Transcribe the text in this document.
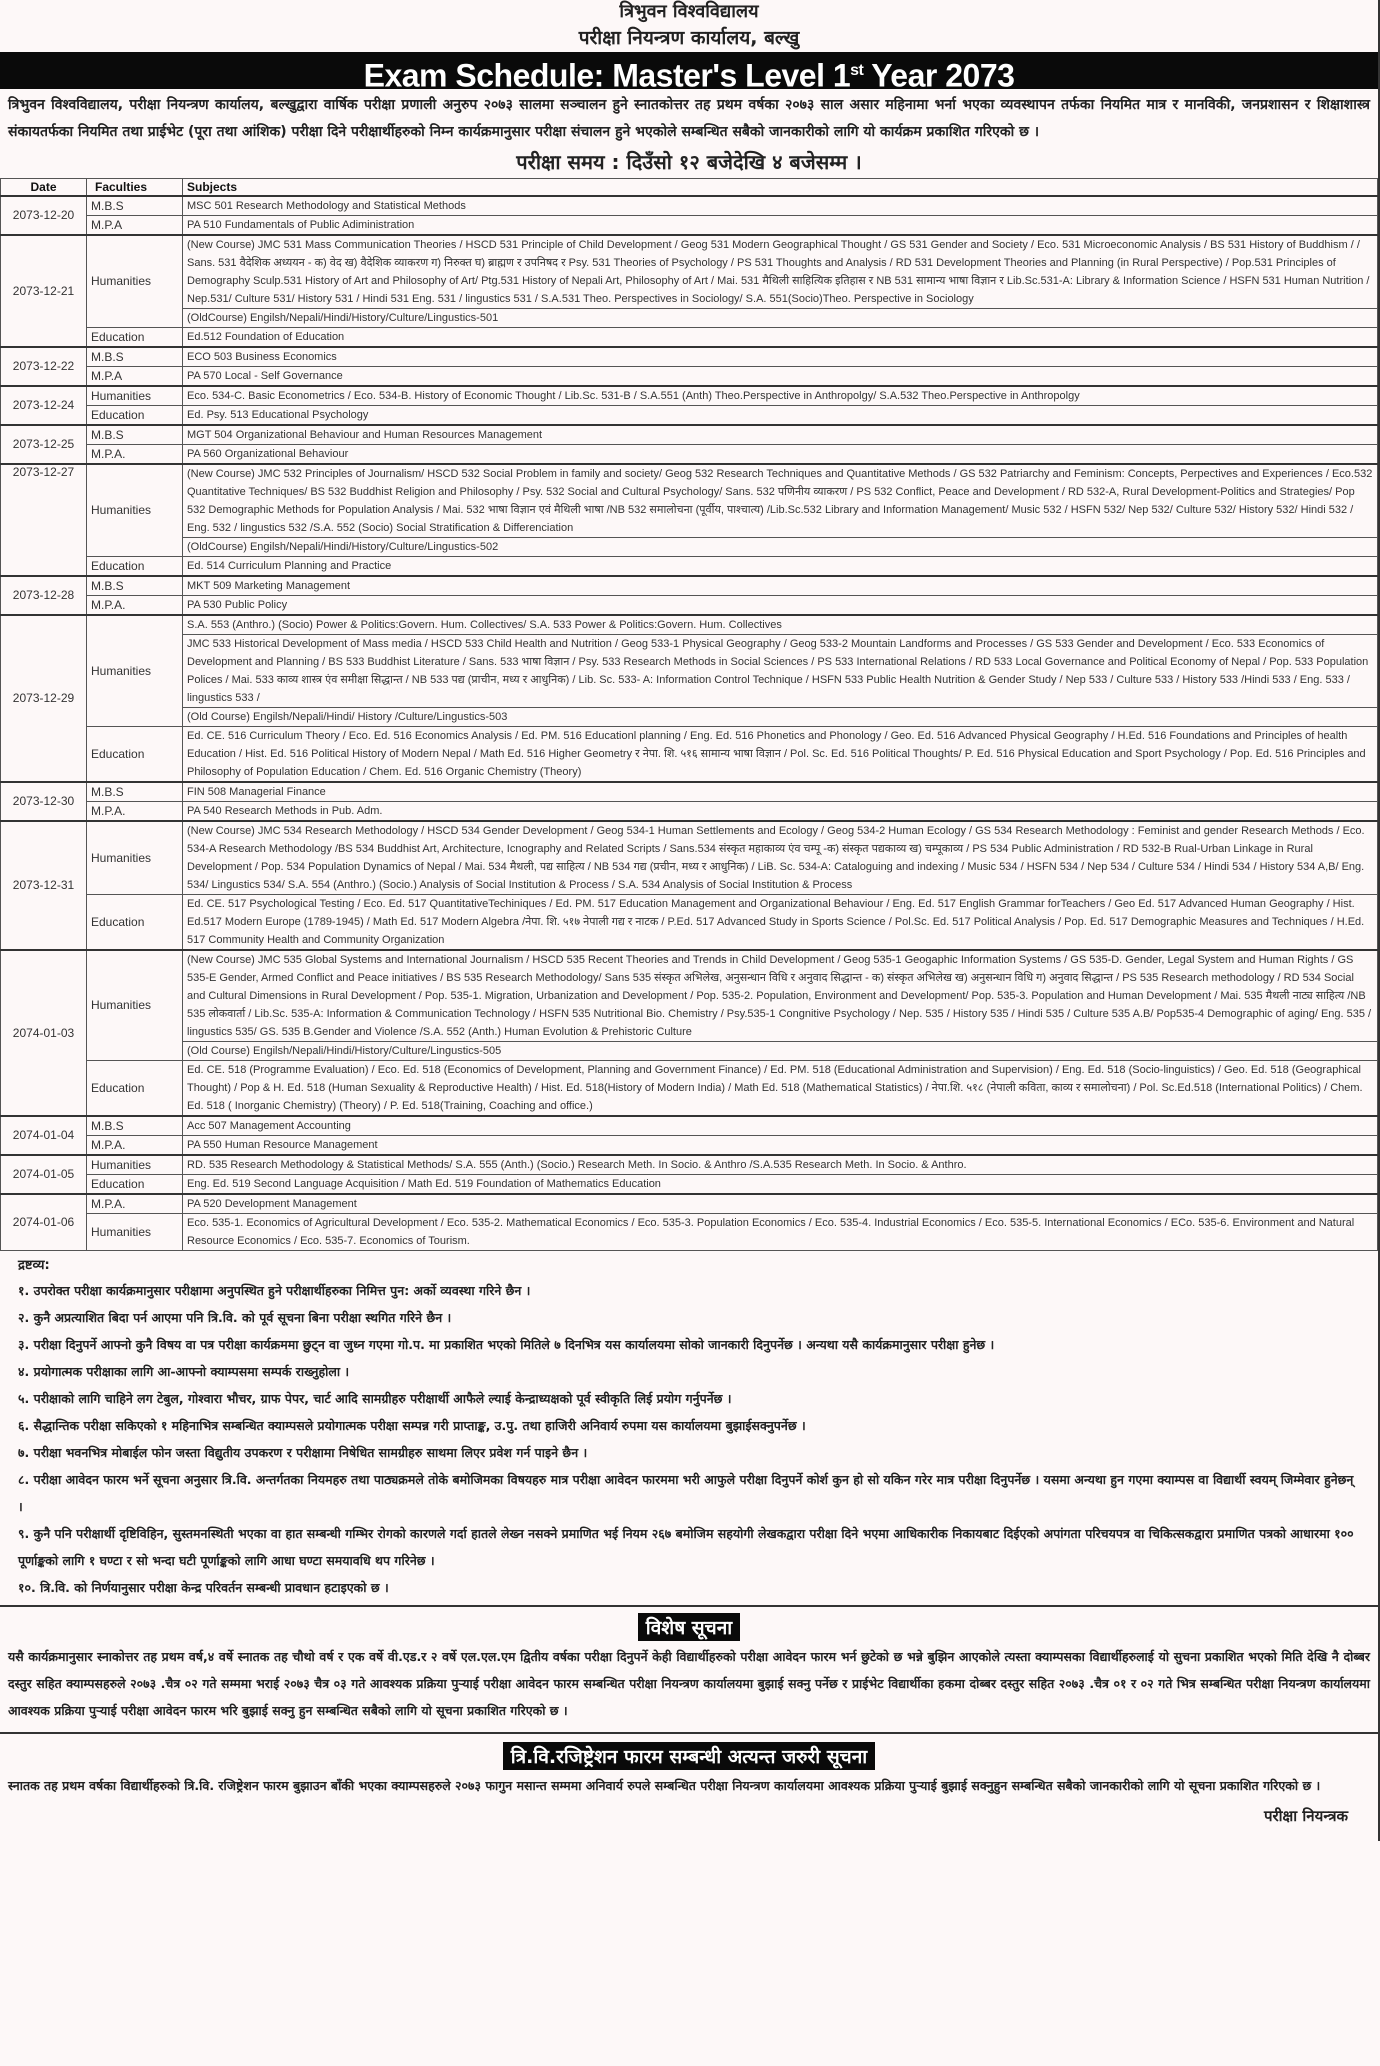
त्रिभुवन विश्वविद्यालय
परीक्षा नियन्त्रण कार्यालय, बल्खु
Exam Schedule: Master's Level 1st Year 2073
त्रिभुवन विश्वविद्यालय, परीक्षा नियन्त्रण कार्यालय, बल्खुद्वारा वार्षिक परीक्षा प्रणाली अनुरुप २०७३ सालमा सञ्चालन हुने स्नातकोत्तर तह प्रथम वर्षका २०७३ साल असार महिनामा भर्ना भएका व्यवस्थापन तर्फका नियमित मात्र र मानविकी, जनप्रशासन र शिक्षाशास्त्र संकायतर्फका नियमित तथा प्राईभेट (पूरा तथा आंशिक) परीक्षा दिने परीक्षार्थीहरुको निम्न कार्यक्रमानुसार परीक्षा संचालन हुने भएकोले सम्बन्धित सबैको जानकारीको लागि यो कार्यक्रम प्रकाशित गरिएको छ ।
परीक्षा समय : दिउँसो १२ बजेदेखि ४ बजेसम्म ।
Date	Faculties	Subjects
2073-12-20	M.B.S	MSC 501 Research Methodology and Statistical Methods
	M.P.A	PA 510 Fundamentals of Public Adiministration
2073-12-21	Humanities	(New Course) JMC 531 Mass Communication Theories / HSCD 531 Principle of Child Development / Geog 531 Modern Geographical Thought / GS 531 Gender and Society / Eco. 531 Microeconomic Analysis / BS 531 History of Buddhism / / Sans. 531 वैदेशिक अध्ययन - क) वेद ख) वैदेशिक व्याकरण ग) निरुक्त घ) ब्राह्मण र उपनिषद र Psy. 531 Theories of Psychology / PS 531 Thoughts and Analysis / RD 531 Development Theories and Planning (in Rural Perspective) / Pop.531 Principles of Demography Sculp.531 History of Art and Philosophy of Art/ Ptg.531 History of Nepali Art, Philosophy of Art / Mai. 531 मैथिली साहित्यिक इतिहास र NB 531 सामान्य भाषा विज्ञान र Lib.Sc.531-A: Library & Information Science / HSFN 531 Human Nutrition / Nep.531/ Culture 531/ History 531 / Hindi 531 Eng. 531 / lingustics 531 / S.A.531 Theo. Perspectives in Sociology/ S.A. 551(Socio)Theo. Perspective in Sociology
		(OldCourse) Engilsh/Nepali/Hindi/History/Culture/Lingustics-501
	Education	Ed.512 Foundation of Education
2073-12-22	M.B.S	ECO 503 Business Economics
	M.P.A	PA 570 Local - Self Governance
2073-12-24	Humanities	Eco. 534-C. Basic Econometrics / Eco. 534-B. History of Economic Thought / Lib.Sc. 531-B / S.A.551 (Anth) Theo.Perspective in Anthropolgy/ S.A.532 Theo.Perspective in Anthropolgy
	Education	Ed. Psy. 513 Educational Psychology
2073-12-25	M.B.S	MGT 504 Organizational Behaviour and Human Resources Management
	M.P.A.	PA 560 Organizational Behaviour
2073-12-27	Humanities	(New Course) JMC 532 Principles of Journalism/ HSCD 532 Social Problem in family and society/ Geog 532 Research Techniques and Quantitative Methods / GS 532 Patriarchy and Feminism: Concepts, Perpectives and Experiences / Eco.532 Quantitative Techniques/ BS 532 Buddhist Religion and Philosophy / Psy. 532 Social and Cultural Psychology/ Sans. 532 पणिनीय व्याकरण / PS 532 Conflict, Peace and Development / RD 532-A, Rural Development-Politics and Strategies/ Pop 532 Demographic Methods for Population Analysis / Mai. 532 भाषा विज्ञान एवं मैथिली भाषा /NB 532 समालोचना (पूर्वीय, पाश्चात्य) /Lib.Sc.532 Library and Information Management/ Music 532 / HSFN 532/ Nep 532/ Culture 532/ History 532/ Hindi 532 / Eng. 532 / lingustics 532 /S.A. 552 (Socio) Social Stratification & Differenciation
		(OldCourse) Engilsh/Nepali/Hindi/History/Culture/Lingustics-502
	Education	Ed. 514 Curriculum Planning and Practice
2073-12-28	M.B.S	MKT 509 Marketing Management
	M.P.A.	PA 530 Public Policy
2073-12-29	Humanities	S.A. 553 (Anthro.) (Socio) Power & Politics:Govern. Hum. Collectives/ S.A. 533 Power & Politics:Govern. Hum. Collectives
		JMC 533 Historical Development of Mass media / HSCD 533 Child Health and Nutrition / Geog 533-1 Physical Geography / Geog 533-2 Mountain Landforms and Processes / GS 533 Gender and Development / Eco. 533 Economics of Development and Planning / BS 533 Buddhist Literature / Sans. 533 भाषा विज्ञान / Psy. 533 Research Methods in Social Sciences / PS 533 International Relations / RD 533 Local Governance and Political Economy of Nepal / Pop. 533 Population Polices / Mai. 533 काव्य शास्त्र एंव समीक्षा सिद्धान्त / NB 533 पद्य (प्राचीन, मध्य र आधुनिक) / Lib. Sc. 533- A: Information Control Technique / HSFN 533 Public Health Nutrition & Gender Study / Nep 533 / Culture 533 / History 533 /Hindi 533 / Eng. 533 / lingustics 533 /
		(Old Course) Engilsh/Nepali/Hindi/ History /Culture/Lingustics-503
	Education	Ed. CE. 516 Curriculum Theory / Eco. Ed. 516 Economics Analysis / Ed. PM. 516 Educationl planning / Eng. Ed. 516 Phonetics and Phonology / Geo. Ed. 516 Advanced Physical Geography / H.Ed. 516 Foundations and Principles of health Education / Hist. Ed. 516 Political History of Modern Nepal / Math Ed. 516 Higher Geometry र नेपा. शि. ५१६ सामान्य भाषा विज्ञान / Pol. Sc. Ed. 516 Political Thoughts/ P. Ed. 516 Physical Education and Sport Psychology / Pop. Ed. 516 Principles and Philosophy of Population Education / Chem. Ed. 516 Organic Chemistry (Theory)
2073-12-30	M.B.S	FIN 508 Managerial Finance
	M.P.A.	PA 540 Research Methods in Pub. Adm.
2073-12-31	Humanities	(New Course) JMC 534 Research Methodology / HSCD 534 Gender Development / Geog 534-1 Human Settlements and Ecology / Geog 534-2 Human Ecology / GS 534 Research Methodology : Feminist and gender Research Methods / Eco. 534-A Research Methodology /BS 534 Buddhist Art, Architecture, Icnography and Related Scripts / Sans.534 संस्कृत महाकाव्य एंव चम्पू -क) संस्कृत पद्यकाव्य ख) चम्पूकाव्य / PS 534 Public Administration / RD 532-B Rual-Urban Linkage in Rural Development / Pop. 534 Population Dynamics of Nepal / Mai. 534 मैथली, पद्य साहित्य / NB 534 गद्य (प्रचीन, मध्य र आधुनिक) / LiB. Sc. 534-A: Cataloguing and indexing / Music 534 / HSFN 534 / Nep 534 / Culture 534 / Hindi 534 / History 534 A,B/ Eng. 534/ Lingustics 534/ S.A. 554 (Anthro.) (Socio.) Analysis of Social Institution & Process / S.A. 534 Analysis of Social Institution & Process
	Education	Ed. CE. 517 Psychological Testing / Eco. Ed. 517 QuantitativeTechiniques / Ed. PM. 517 Education Management and Organizational Behaviour / Eng. Ed. 517 English Grammar forTeachers / Geo Ed. 517 Advanced Human Geography / Hist. Ed.517 Modern Europe (1789-1945) / Math Ed. 517 Modern Algebra /नेपा. शि. ५१७ नेपाली गद्य र नाटक / P.Ed. 517 Advanced Study in Sports Science / Pol.Sc. Ed. 517 Political Analysis / Pop. Ed. 517 Demographic Measures and Techniques / H.Ed. 517 Community Health and Community Organization
2074-01-03	Humanities	(New Course) JMC 535 Global Systems and International Journalism / HSCD 535 Recent Theories and Trends in Child Development / Geog 535-1 Geogaphic Information Systems / GS 535-D. Gender, Legal System and Human Rights / GS 535-E Gender, Armed Conflict and Peace initiatives / BS 535 Research Methodology/ Sans 535 संस्कृत अभिलेख, अनुसन्धान विधि र अनुवाद सिद्धान्त - क) संस्कृत अभिलेख ख) अनुसन्धान विधि ग) अनुवाद सिद्धान्त / PS 535 Research methodology / RD 534 Social and Cultural Dimensions in Rural Development / Pop. 535-1. Migration, Urbanization and Development / Pop. 535-2. Population, Environment and Development/ Pop. 535-3. Population and Human Development / Mai. 535 मैथली नाट्य साहित्य /NB 535 लोकवार्ता / Lib.Sc. 535-A: Information & Communication Technology / HSFN 535 Nutritional Bio. Chemistry / Psy.535-1 Congnitive Psychology / Nep. 535 / History 535 / Hindi 535 / Culture 535 A.B/ Pop535-4 Demographic of aging/ Eng. 535 / lingustics 535/ GS. 535 B.Gender and Violence /S.A. 552 (Anth.) Human Evolution & Prehistoric Culture
		(Old Course) Engilsh/Nepali/Hindi/History/Culture/Lingustics-505
	Education	Ed. CE. 518 (Programme Evaluation) / Eco. Ed. 518 (Economics of Development, Planning and Government Finance) / Ed. PM. 518 (Educational Administration and Supervision) / Eng. Ed. 518 (Socio-linguistics) / Geo. Ed. 518 (Geographical Thought) / Pop & H. Ed. 518 (Human Sexuality & Reproductive Health) / Hist. Ed. 518(History of Modern India) / Math Ed. 518 (Mathematical Statistics) / नेपा.शि. ५१८ (नेपाली कविता, काव्य र समालोचना) / Pol. Sc.Ed.518 (International Politics) / Chem. Ed. 518 ( Inorganic Chemistry) (Theory) / P. Ed. 518(Training, Coaching and office.)
2074-01-04	M.B.S	Acc 507 Management Accounting
	M.P.A.	PA 550 Human Resource Management
2074-01-05	Humanities	RD. 535 Research Methodology & Statistical Methods/ S.A. 555 (Anth.) (Socio.) Research Meth. In Socio. & Anthro /S.A.535 Research Meth. In Socio. & Anthro.
	Education	Eng. Ed. 519 Second Language Acquisition / Math Ed. 519 Foundation of Mathematics Education
2074-01-06	M.P.A.	PA 520 Development Management
	Humanities	Eco. 535-1. Economics of Agricultural Development / Eco. 535-2. Mathematical Economics / Eco. 535-3. Population Economics / Eco. 535-4. Industrial Economics / Eco. 535-5. International Economics / ECo. 535-6. Environment and Natural Resource Economics / Eco. 535-7. Economics of Tourism.
द्रष्टव्य:
१. उपरोक्त परीक्षा कार्यक्रमानुसार परीक्षामा अनुपस्थित हुने परीक्षार्थीहरुका निमित्त पुन: अर्को व्यवस्था गरिने छैन ।
२. कुनै अप्रत्याशित बिदा पर्न आएमा पनि त्रि.वि. को पूर्व सूचना बिना परीक्षा स्थगित गरिने छैन ।
३. परीक्षा दिनुपर्ने आफ्नो कुनै विषय वा पत्र परीक्षा कार्यक्रममा छुट्न वा जुध्न गएमा गो.प. मा प्रकाशित भएको मितिले ७ दिनभित्र यस कार्यालयमा सोको जानकारी दिनुपर्नेछ । अन्यथा यसै कार्यक्रमानुसार परीक्षा हुनेछ ।
४. प्रयोगात्मक परीक्षाका लागि आ-आफ्नो क्याम्पसमा सम्पर्क राख्नुहोला ।
५. परीक्षाको लागि चाहिने लग टेबुल, गोश्वारा भौचर, ग्राफ पेपर, चार्ट आदि सामग्रीहरु परीक्षार्थी आफैले ल्याई केन्द्राध्यक्षको पूर्व स्वीकृति लिई प्रयोग गर्नुपर्नेछ ।
६. सैद्धान्तिक परीक्षा सकिएको १ महिनाभित्र सम्बन्धित क्याम्पसले प्रयोगात्मक परीक्षा सम्पन्न गरी प्राप्ताङ्क, उ.पु. तथा हाजिरी अनिवार्य रुपमा यस कार्यालयमा बुझाईसक्नुपर्नेछ ।
७. परीक्षा भवनभित्र मोबाईल फोन जस्ता विद्युतीय उपकरण र परीक्षामा निषेधित सामग्रीहरु साथमा लिएर प्रवेश गर्न पाइने छैन ।
८. परीक्षा आवेदन फारम भर्ने सूचना अनुसार त्रि.वि. अन्तर्गतका नियमहरु तथा पाठ्यक्रमले तोके बमोजिमका विषयहरु मात्र परीक्षा आवेदन फारममा भरी आफुले परीक्षा दिनुपर्ने कोर्श कुन हो सो यकिन गरेर मात्र परीक्षा दिनुपर्नेछ । यसमा अन्यथा हुन गएमा क्याम्पस वा विद्यार्थी स्वयम् जिम्मेवार हुनेछन् ।
९. कुनै पनि परीक्षार्थी दृष्टिविहिन, सुस्तमनस्थिती भएका वा हात सम्बन्धी गम्भिर रोगको कारणले गर्दा हातले लेख्न नसक्ने प्रमाणित भई नियम २६७ बमोजिम सहयोगी लेखकद्वारा परीक्षा दिने भएमा आधिकारीक निकायबाट दिईएको अपांगता परिचयपत्र वा चिकित्सकद्वारा प्रमाणित पत्रको आधारमा १०० पूर्णाङ्कको लागि १ घण्टा र सो भन्दा घटी पूर्णाङ्कको लागि आधा घण्टा समयावधि थप गरिनेछ ।
१०. त्रि.वि. को निर्णयानुसार परीक्षा केन्द्र परिवर्तन सम्बन्धी प्रावधान हटाइएको छ ।
विशेष सूचना
यसै कार्यक्रमानुसार स्नाकोत्तर तह प्रथम वर्ष,४ वर्षे स्नातक तह चौथो वर्ष र एक वर्षे वी.एड.र २ वर्षे एल.एल.एम द्वितीय वर्षका परीक्षा दिनुपर्ने केही विद्यार्थीहरुको परीक्षा आवेदन फारम भर्न छुटेको छ भन्ने बुझिन आएकोले त्यस्ता क्याम्पसका विद्यार्थीहरुलाई यो सुचना प्रकाशित भएको मिति देखि नै दोब्बर दस्तुर सहित क्याम्पसहरुले २०७३ .चैत्र ०२ गते सम्ममा भराई २०७३ चैत्र ०३ गते आवश्यक प्रक्रिया पुऱ्याई परीक्षा आवेदन फारम सम्बन्धित परीक्षा नियन्त्रण कार्यालयमा बुझाई सक्नु पर्नेछ र प्राईभेट विद्यार्थीका हकमा दोब्बर दस्तुर सहित २०७३ .चैत्र ०१ र ०२ गते भित्र सम्बन्धित परीक्षा नियन्त्रण कार्यालयमा आवश्यक प्रक्रिया पुऱ्याई परीक्षा आवेदन फारम भरि बुझाई सक्नु हुन सम्बन्धित सबैको लागि यो सूचना प्रकाशित गरिएको छ ।
त्रि.वि.रजिष्ट्रेशन फारम सम्बन्धी अत्यन्त जरुरी सूचना
स्नातक तह प्रथम वर्षका विद्यार्थीहरुको त्रि.वि. रजिष्ट्रेशन फारम बुझाउन बाँकी भएका क्याम्पसहरुले २०७३ फागुन मसान्त सम्ममा अनिवार्य रुपले सम्बन्धित परीक्षा नियन्त्रण कार्यालयमा आवश्यक प्रक्रिया पुऱ्याई बुझाई सक्नुहुन सम्बन्धित सबैको जानकारीको लागि यो सूचना प्रकाशित गरिएको छ ।
परीक्षा नियन्त्रक
